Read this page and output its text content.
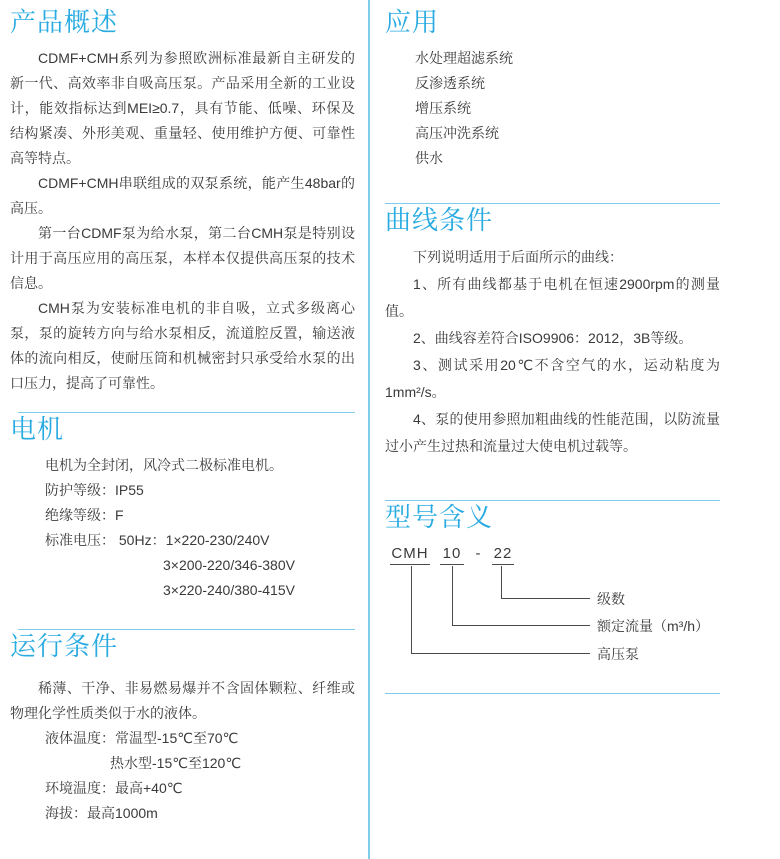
产品概述

CDMF+CMH系列为参照欧洲标准最新自主研发的新一代、高效率非自吸高压泵。产品采用全新的工业设计，能效指标达到MEI≥0.7，具有节能、低噪、环保及结构紧凑、外形美观、重量轻、使用维护方便、可靠性高等特点。

CDMF+CMH串联组成的双泵系统，能产生48bar的高压。

第一台CDMF泵为给水泵，第二台CMH泵是特别设计用于高压应用的高压泵，本样本仅提供高压泵的技术信息。

CMH泵为安装标准电机的非自吸，立式多级离心泵，泵的旋转方向与给水泵相反，流道腔反置，输送液体的流向相反，使耐压筒和机械密封只承受给水泵的出口压力，提高了可靠性。

电机
电机为全封闭，风冷式二极标准电机。
防护等级：IP55
绝缘等级：F
标准电压： 50Hz：1×220-230/240V
3×200-220/346-380V
3×220-240/380-415V
运行条件

稀薄、干净、非易燃易爆并不含固体颗粒、纤维或物理化学性质类似于水的液体。

液体温度：常温型-15℃至70℃
热水型-15℃至120℃
环境温度：最高+40℃
海拔：最高1000m
应用
水处理超滤系统
反渗透系统
增压系统
高压冲洗系统
供水
曲线条件

下列说明适用于后面所示的曲线：

1、所有曲线都基于电机在恒速2900rpm的测量值。

2、曲线容差符合ISO9906：2012，3B等级。

3、测试采用20℃不含空气的水，运动粘度为1mm²/s。

4、泵的使用参照加粗曲线的性能范围，以防流量过小产生过热和流量过大使电机过载等。

型号含义
CMH 10 - 22
级数
额定流量（m³/h）
高压泵
